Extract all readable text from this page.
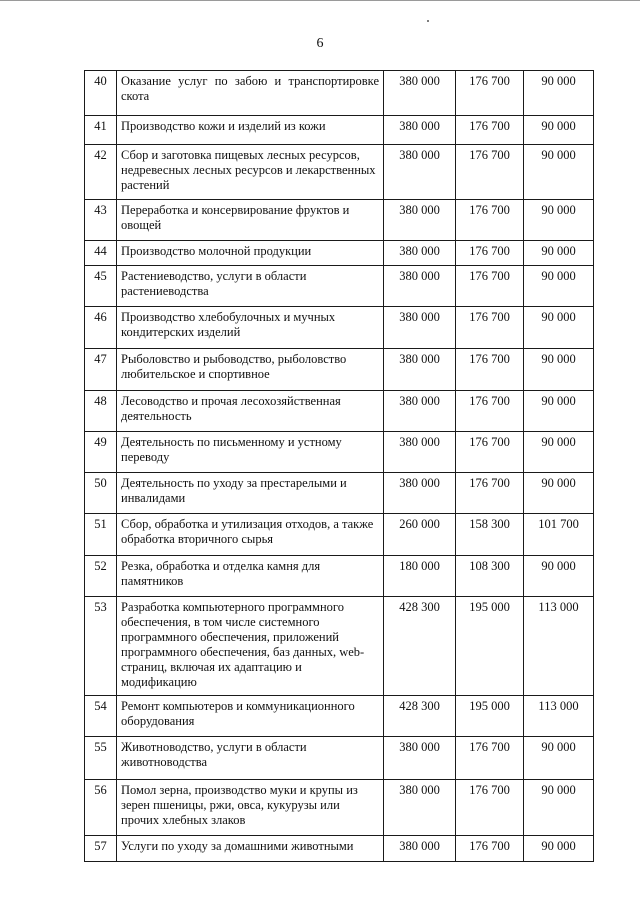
6
40	Оказание услуг по забою и транспортировке скота	380 000	176 700	90 000
41	Производство кожи и изделий из кожи	380 000	176 700	90 000
42	Сбор и заготовка пищевых лесных ресурсов, недревесных лесных ресурсов и лекарственных растений	380 000	176 700	90 000
43	Переработка и консервирование фруктов и овощей	380 000	176 700	90 000
44	Производство молочной продукции	380 000	176 700	90 000
45	Растениеводство, услуги в области растениеводства	380 000	176 700	90 000
46	Производство хлебобулочных и мучных кондитерских изделий	380 000	176 700	90 000
47	Рыболовство и рыбоводство, рыболовство любительское и спортивное	380 000	176 700	90 000
48	Лесоводство и прочая лесохозяйственная деятельность	380 000	176 700	90 000
49	Деятельность по письменному и устному переводу	380 000	176 700	90 000
50	Деятельность по уходу за престарелыми и инвалидами	380 000	176 700	90 000
51	Сбор, обработка и утилизация отходов, а также обработка вторичного сырья	260 000	158 300	101 700
52	Резка, обработка и отделка камня для памятников	180 000	108 300	90 000
53	Разработка компьютерного программного обеспечения, в том числе системного программного обеспечения, приложений программного обеспечения, баз данных, web-страниц, включая их адаптацию и модификацию	428 300	195 000	113 000
54	Ремонт компьютеров и коммуникационного оборудования	428 300	195 000	113 000
55	Животноводство, услуги в области животноводства	380 000	176 700	90 000
56	Помол зерна, производство муки и крупы из зерен пшеницы, ржи, овса, кукурузы или прочих хлебных злаков	380 000	176 700	90 000
57	Услуги по уходу за домашними животными	380 000	176 700	90 000
